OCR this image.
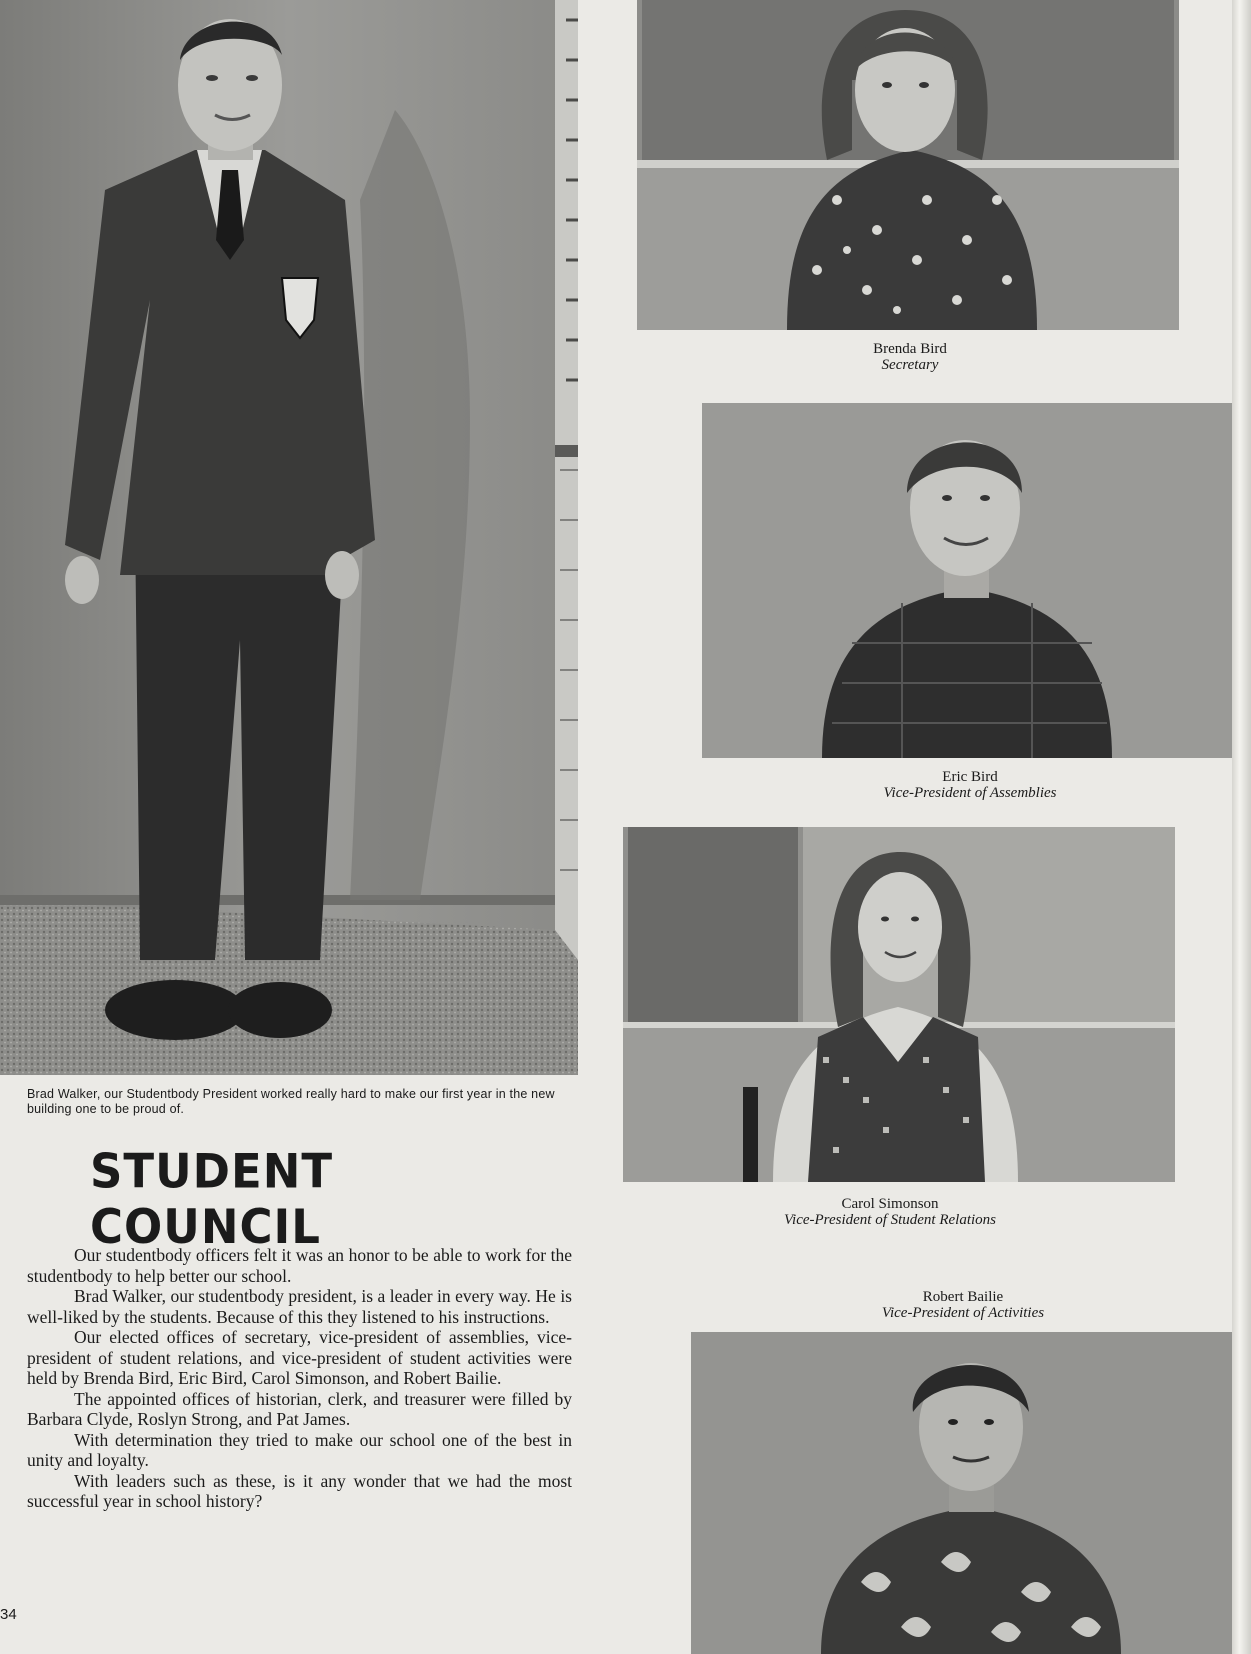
Brad Walker, our Studentbody President worked really hard to make our first year in the new building one to be proud of.
STUDENT COUNCIL

Our studentbody officers felt it was an honor to be able to work for the studentbody to help better our school.

Brad Walker, our studentbody president, is a leader in every way. He is well-liked by the students. Because of this they listened to his instructions.

Our elected offices of secretary, vice-president of assemblies, vice-president of student relations, and vice-president of student activities were held by Brenda Bird, Eric Bird, Carol Simonson, and Robert Bailie.

The appointed offices of historian, clerk, and treasurer were filled by Barbara Clyde, Roslyn Strong, and Pat James.

With determination they tried to make our school one of the best in unity and loyalty.

With leaders such as these, is it any wonder that we had the most successful year in school history?

Brenda Bird
Secretary
Eric Bird
Vice-President of Assemblies
Carol Simonson
Vice-President of Student Relations
Robert Bailie
Vice-President of Activities
34
